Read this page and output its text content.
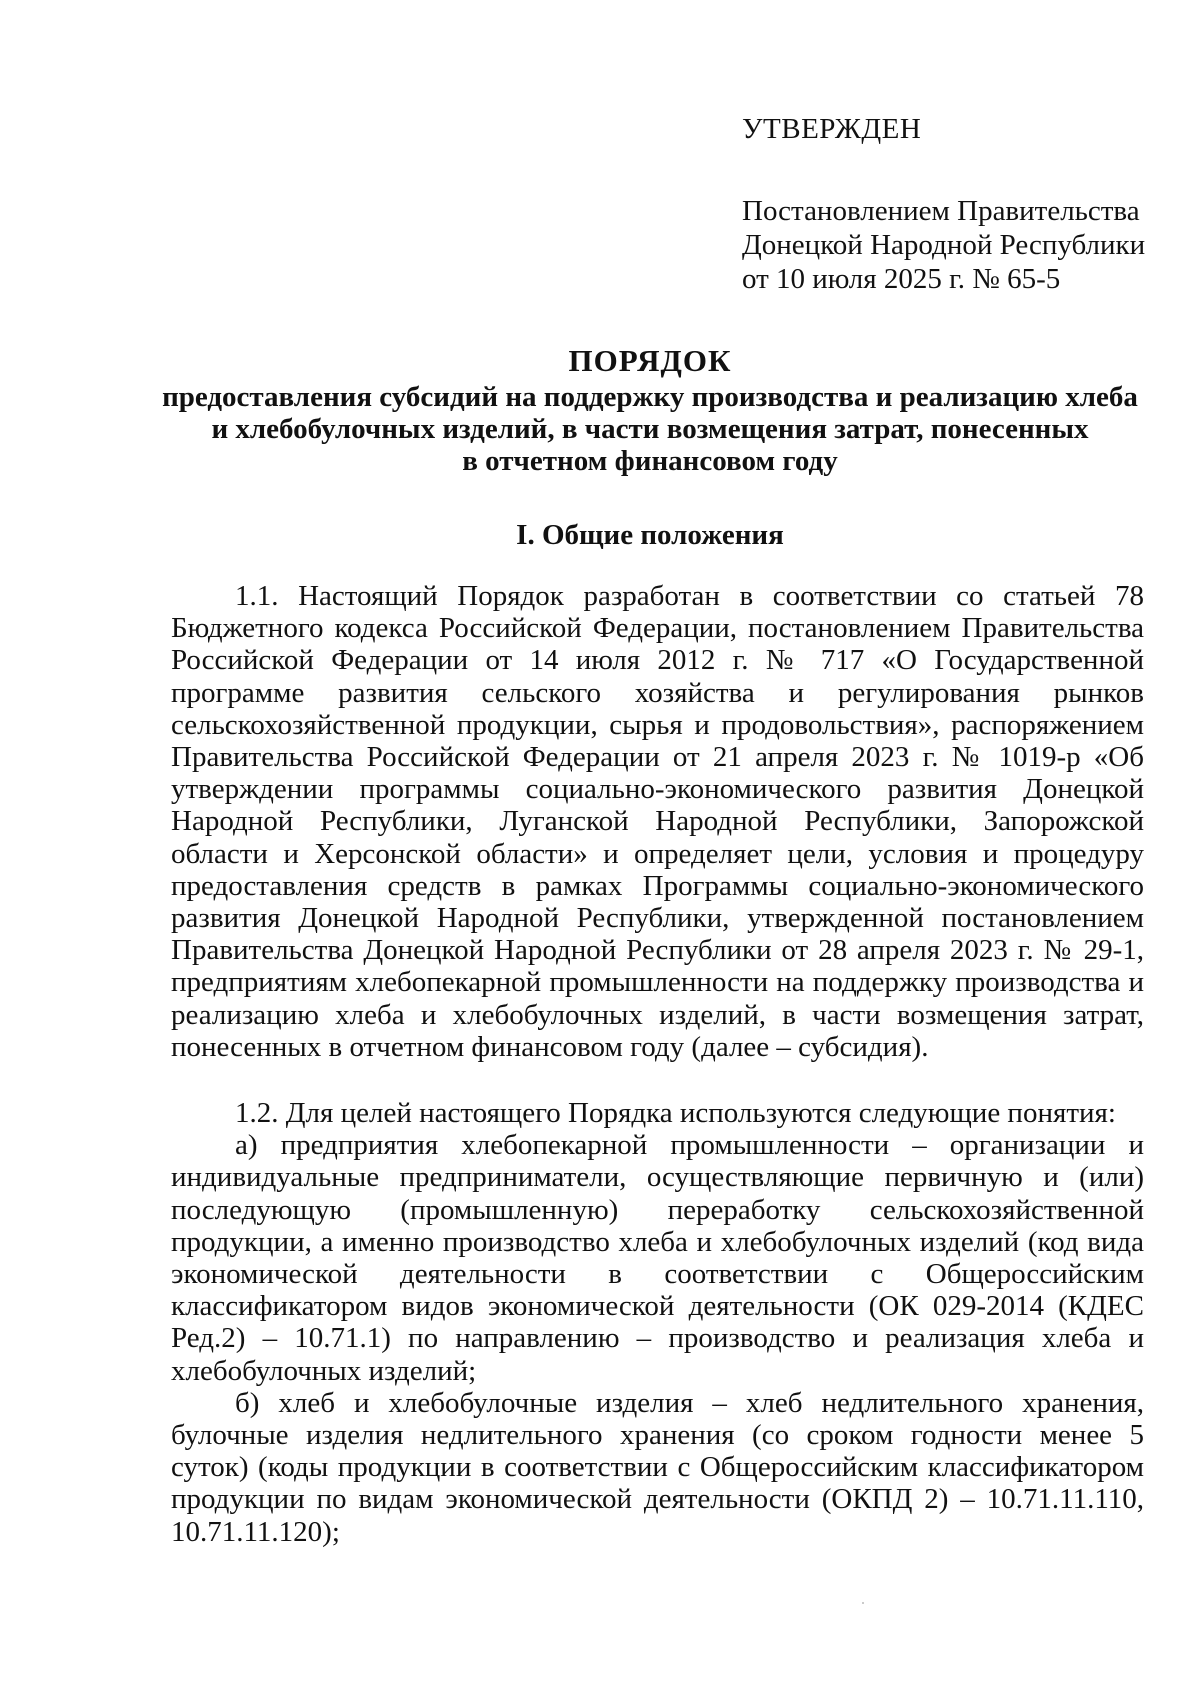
УТВЕРЖДЕН
Постановлением Правительства
Донецкой Народной Республики
от 10 июля 2025 г. № 65-5
ПОРЯДОК
предоставления субсидий на поддержку производства и реализацию хлеба
и хлебобулочных изделий, в части возмещения затрат, понесенных
в отчетном финансовом году
I. Общие положения

1.1. Настоящий Порядок разработан в соответствии со статьей 78 Бюджетного кодекса Российской Федерации, постановлением Правительства Российской Федерации от 14 июля 2012 г. № 717 «О Государственной программе развития сельского хозяйства и регулирования рынков сельскохозяйственной продукции, сырья и продовольствия», распоряжением Правительства Российской Федерации от 21 апреля 2023 г. № 1019-р «Об утверждении программы социально-экономического развития Донецкой Народной Республики, Луганской Народной Республики, Запорожской области и Херсонской области» и определяет цели, условия и процедуру предоставления средств в рамках Программы социально-экономического развития Донецкой Народной Республики, утвержденной постановлением Правительства Донецкой Народной Республики от 28 апреля 2023 г. № 29-1, предприятиям хлебопекарной промышленности на поддержку производства и реализацию хлеба и хлебобулочных изделий, в части возмещения затрат, понесенных в отчетном финансовом году (далее – субсидия).

1.2. Для целей настоящего Порядка используются следующие понятия:

а) предприятия хлебопекарной промышленности – организации и индивидуальные предприниматели, осуществляющие первичную и (или) последующую (промышленную) переработку сельскохозяйственной продукции, а именно производство хлеба и хлебобулочных изделий (код вида экономической деятельности в соответствии с Общероссийским классификатором видов экономической деятельности (ОК 029-2014 (КДЕС Ред.2) – 10.71.1) по направлению – производство и реализация хлеба и хлебобулочных изделий;

б) хлеб и хлебобулочные изделия – хлеб недлительного хранения, булочные изделия недлительного хранения (со сроком годности менее 5 суток) (коды продукции в соответствии с Общероссийским классификатором продукции по видам экономической деятельности (ОКПД 2) – 10.71.11.110, 10.71.11.120);
